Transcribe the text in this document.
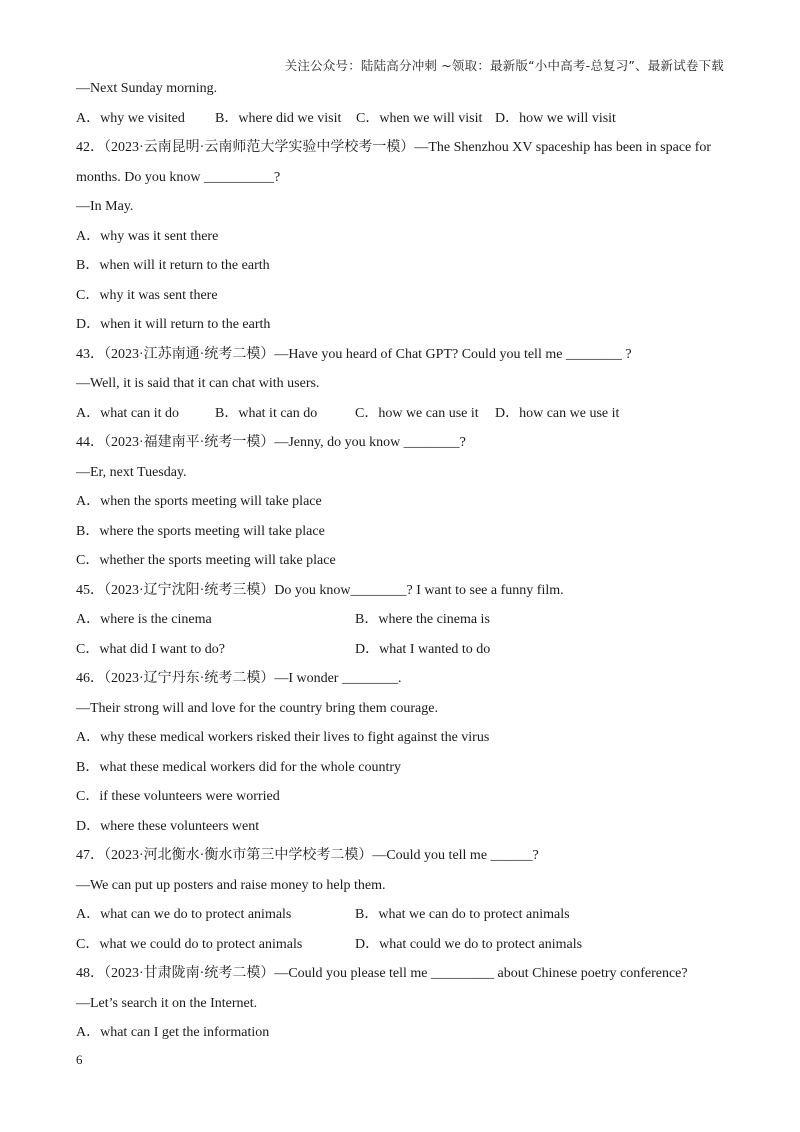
关注公众号：陆陆高分冲刺 ~领取：最新版“小中高考-总复习”、最新试卷下载
—Next Sunday morning.
A．why we visited B．where did we visit C．when we will visit D．how we will visit
42．（2023·云南昆明·云南师范大学实验中学校考一模）—The Shenzhou XV spaceship has been in space for
months. Do you know __________?
—In May.
A．why was it sent there
B．when will it return to the earth
C．why it was sent there
D．when it will return to the earth
43．（2023·江苏南通·统考二模）—Have you heard of Chat GPT? Could you tell me ________ ?
—Well, it is said that it can chat with users.
A．what can it do	B．what it can do	C．how we can use it D．how can we use it
44．（2023·福建南平·统考一模）—Jenny, do you know ________?
—Er, next Tuesday.
A．when the sports meeting will take place
B．where the sports meeting will take place
C．whether the sports meeting will take place
45．（2023·辽宁沈阳·统考三模）Do you know________? I want to see a funny film.
A．where is the cinema	B．where the cinema is
C．what did I want to do?	D．what I wanted to do
46．（2023·辽宁丹东·统考二模）—I wonder ________.
—Their strong will and love for the country bring them courage.
A．why these medical workers risked their lives to fight against the virus
B．what these medical workers did for the whole country
C．if these volunteers were worried
D．where these volunteers went
47．（2023·河北衡水·衡水市第三中学校考二模）—Could you tell me ______?
—We can put up posters and raise money to help them.
A．what can we do to protect animals	B．what we can do to protect animals
C．what we could do to protect animals	D．what could we do to protect animals
48．（2023·甘肃陇南·统考二模）—Could you please tell me _________ about Chinese poetry conference?
—Let’s search it on the Internet.
A．what can I get the information
6
